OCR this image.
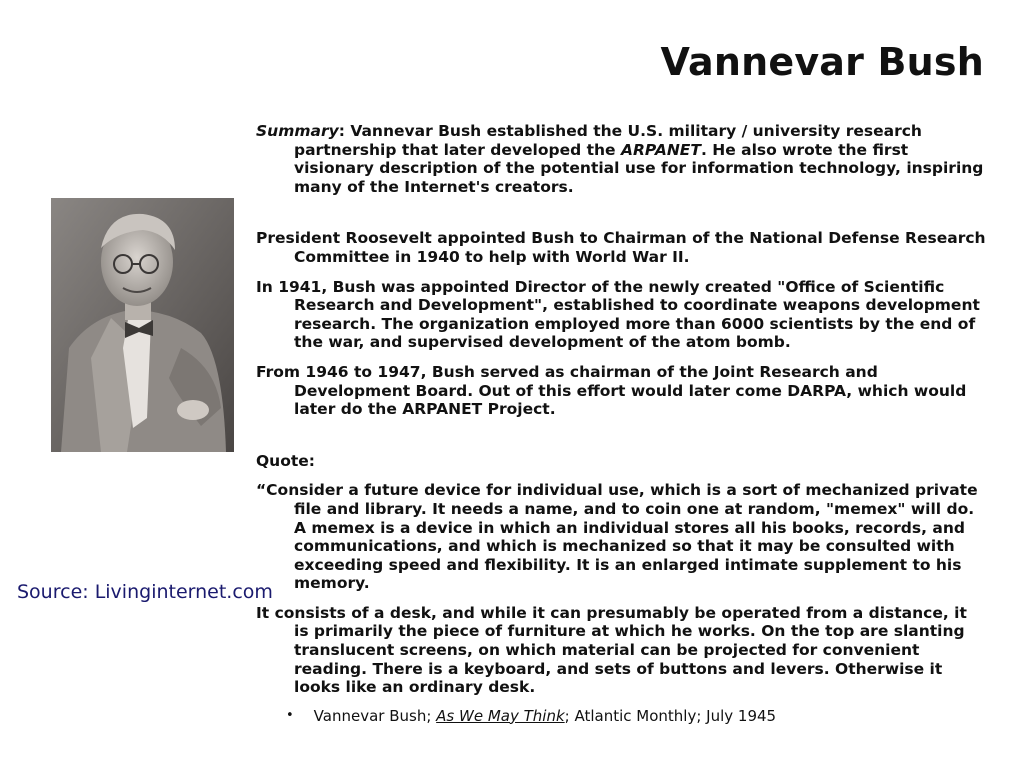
Vannevar Bush
Source: Livinginternet.com

Summary: Vannevar Bush established the U.S. military / university research partnership that later developed the ARPANET. He also wrote the first visionary description of the potential use for information technology, inspiring many of the Internet's creators.

President Roosevelt appointed Bush to Chairman of the National Defense Research Committee in 1940 to help with World War II.

In 1941, Bush was appointed Director of the newly created "Office of Scientific Research and Development", established to coordinate weapons development research. The organization employed more than 6000 scientists by the end of the war, and supervised development of the atom bomb.

From 1946 to 1947, Bush served as chairman of the Joint Research and Development Board. Out of this effort would later come DARPA, which would later do the ARPANET Project.

Quote:

“Consider a future device for individual use, which is a sort of mechanized private file and library. It needs a name, and to coin one at random, "memex" will do. A memex is a device in which an individual stores all his books, records, and communications, and which is mechanized so that it may be consulted with exceeding speed and flexibility. It is an enlarged intimate supplement to his memory.

It consists of a desk, and while it can presumably be operated from a distance, it is primarily the piece of furniture at which he works. On the top are slanting translucent screens, on which material can be projected for convenient reading. There is a keyboard, and sets of buttons and levers. Otherwise it looks like an ordinary desk.

• Vannevar Bush; As We May Think; Atlantic Monthly; July 1945
